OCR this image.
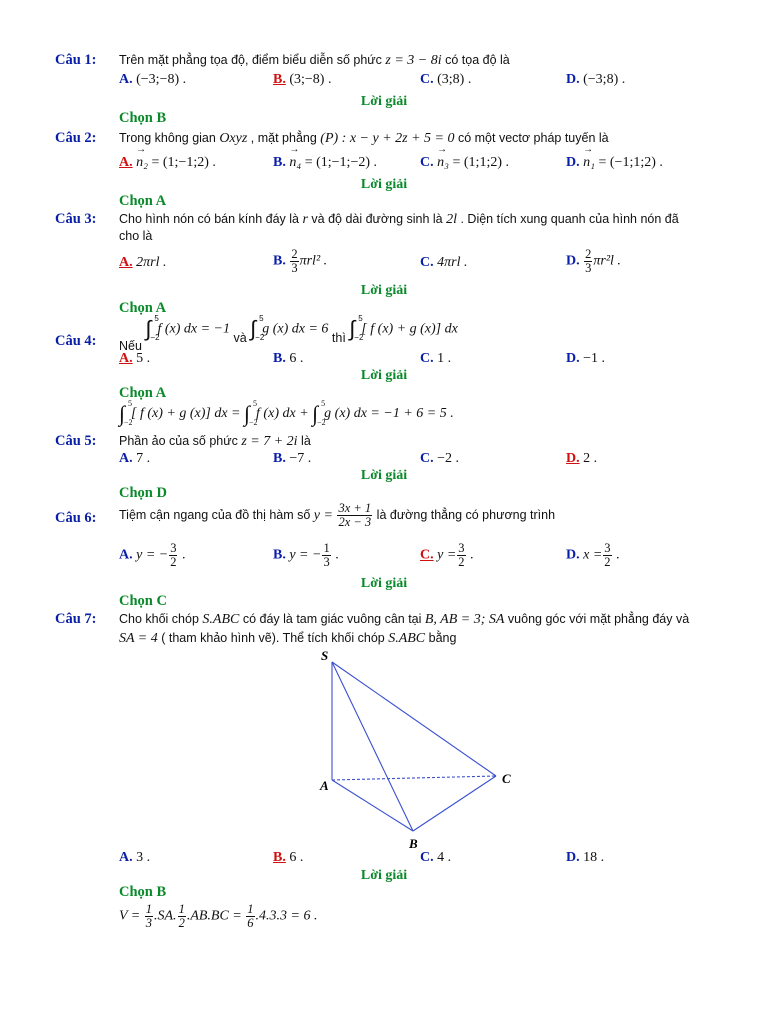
Câu 1: Trên mặt phẳng tọa độ, điểm biểu diễn số phức z = 3 − 8i có tọa độ là
A. (−3;−8) .	B. (3;−8) .	C. (3;8) .	D. (−3;8) .
Lời giải
Chọn B
Câu 2: Trong không gian Oxyz , mặt phẳng (P) : x − y + 2z + 5 = 0 có một vectơ pháp tuyến là
A. → n₂ = (1;−1;2) .	B. → n₄ = (1;−1;−2) .	C. → n₃ = (1;1;2) .	D. → n₁ = (−1;1;2) .
Lời giải
Chọn A
Câu 3: Cho hình nón có bán kính đáy là r và độ dài đường sinh là 2l . Diện tích xung quanh của hình nón đã
cho là
A. 2πrl .	B. $\frac{2}{3} \pi rl^2$ .	C. 4πrl .	D. $\frac{2}{3} \pi r^2l$ .
Lời giải
Chọn A
Câu 4: Nếu ∫ 5
−2
f (x) dx = −1 và ∫ 5
−2
g (x) dx = 6 thì ∫ 5
−2
[ f (x) + g (x)] dx
A. 5 .	B. 6 .	C. 1 .	D. −1 .
Lời giải
Chọn A
∫ 5
−2
[ f (x) + g (x)] dx = ∫ 5
−2
f (x) dx + ∫ 5
−2
g (x) dx = −1 + 6 = 5 .
Câu 5: Phần ảo của số phức z = 7 + 2i là
A. 7 .	B. −7 .	C. −2 .	D. 2 .
Lời giải
Chọn D
Câu 6: Tiệm cận ngang của đồ thị hàm số $y = \frac{3x + 1}{2x - 3}$ là đường thẳng có phương trình
A. y = − $\frac{3}{2}$ .	B. y = − $\frac{1}{3}$ .	C. $y = \frac{3}{2}$ .	D. $x = \frac{3}{2}$ .
Lời giải
Chọn C
Câu 7: Cho khối chóp S.ABC có đáy là tam giác vuông cân tại B, AB = 3; SA vuông góc với mặt phẳng đáy và
SA = 4 ( tham khảo hình vẽ). Thể tích khối chóp S.ABC bằng
S
A
B
C
A. 3 .	B. 6 .	C. 4 .	D. 18 .
Lời giải
Chọn B
$V = \frac{1}{3} .SA$. $\frac{1}{2} .AB.BC = \frac{1}{6} .4.3.3 = 6$ .
